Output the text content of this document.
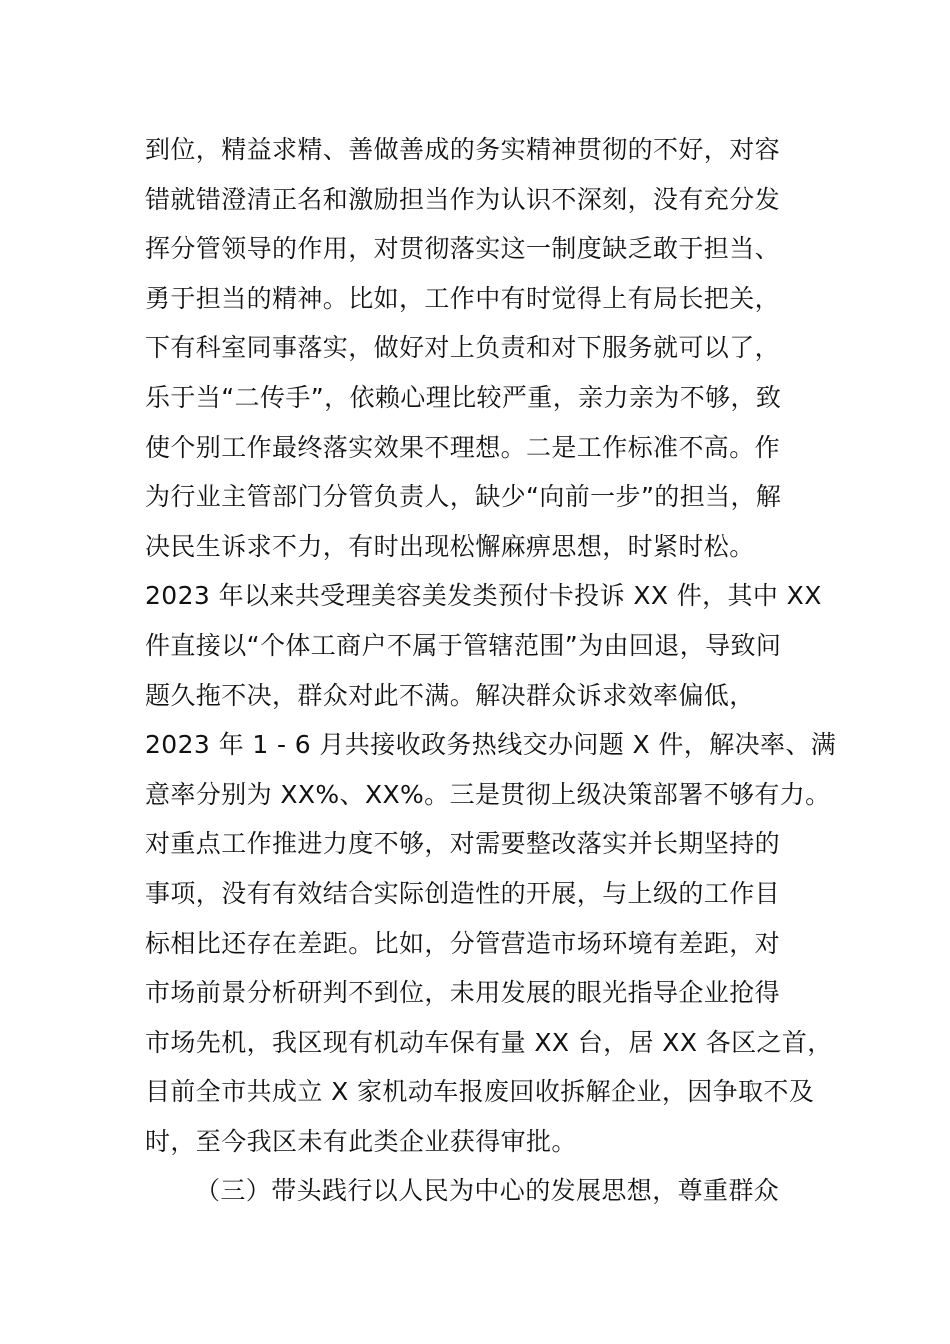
到位，精益求精、善做善成的务实精神贯彻的不好，对容
错就错澄清正名和激励担当作为认识不深刻，没有充分发
挥分管领导的作用，对贯彻落实这一制度缺乏敢于担当、
勇于担当的精神。比如，工作中有时觉得上有局长把关，
下有科室同事落实，做好对上负责和对下服务就可以了，
乐于当“二传手”，依赖心理比较严重，亲力亲为不够，致
使个别工作最终落实效果不理想。二是工作标准不高。作
为行业主管部门分管负责人，缺少“向前一步”的担当，解
决民生诉求不力，有时出现松懈麻痹思想，时紧时松。
2023 年以来共受理美容美发类预付卡投诉 XX 件，其中 XX
件直接以“个体工商户不属于管辖范围”为由回退，导致问
题久拖不决，群众对此不满。解决群众诉求效率偏低，
2023 年 1 - 6 月共接收政务热线交办问题 X 件，解决率、满
意率分别为 XX%、XX%。三是贯彻上级决策部署不够有力。
对重点工作推进力度不够，对需要整改落实并长期坚持的
事项，没有有效结合实际创造性的开展，与上级的工作目
标相比还存在差距。比如，分管营造市场环境有差距，对
市场前景分析研判不到位，未用发展的眼光指导企业抢得
市场先机，我区现有机动车保有量 XX 台，居 XX 各区之首，
目前全市共成立 X 家机动车报废回收拆解企业，因争取不及
时，至今我区未有此类企业获得审批。
（三）带头践行以人民为中心的发展思想，尊重群众
